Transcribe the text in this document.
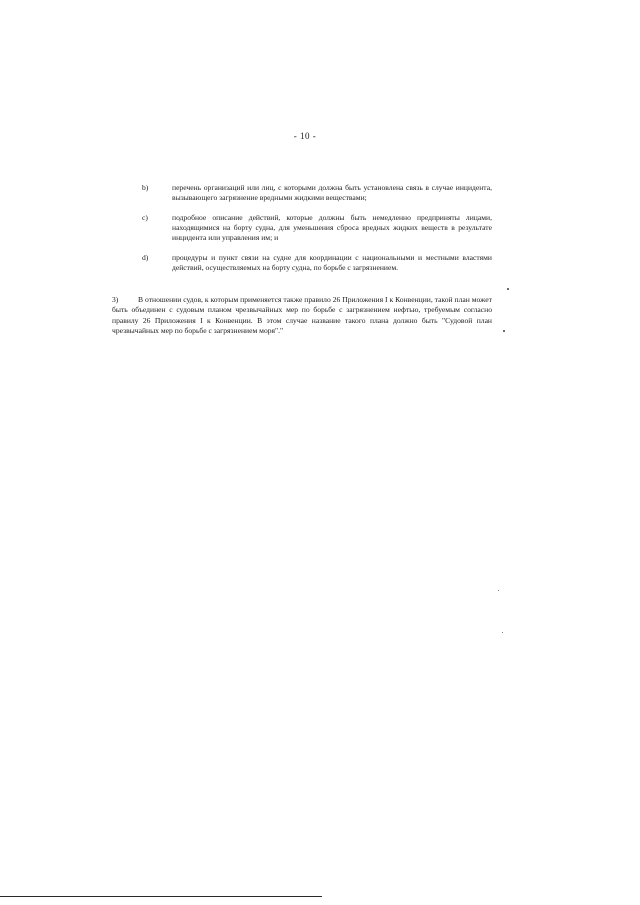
- 10 -
b)	перечень организаций или лиц, с которыми должна быть установлена связь в случае инцидента, вызывающего загрязнение вредными жидкими веществами;
c)	подробное описание действий, которые должны быть немедленно предприняты лицами, находящимися на борту судна, для уменьшения сброса вредных жидких веществ в результате инцидента или управления им; и
d)	процедуры и пункт связи на судне для координации с национальными и местными властями действий, осуществляемых на борту судна, по борьбе с загрязнением.
3)	В отношении судов, к которым применяется также правило 26 Приложения I к Конвенции, такой план может быть объединен с судовым планом чрезвычайных мер по борьбе с загрязнением нефтью, требуемым согласно правилу 26 Приложения I к Конвенции. В этом случае название такого плана должно быть "Судовой план чрезвычайных мер по борьбе с загрязнением моря"."
